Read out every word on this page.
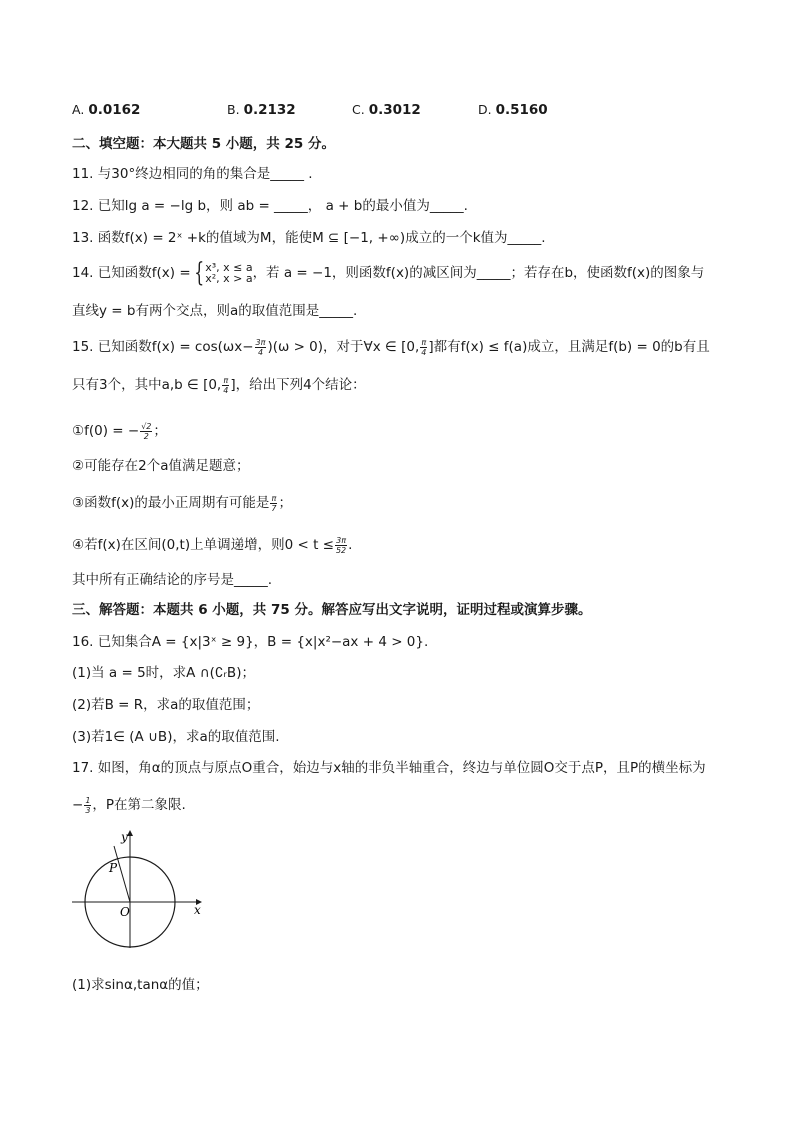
A. 0.0162	B. 0.2132	C. 0.3012	D. 0.5160
二、填空题：本大题共 5 小题，共 25 分。
11. 与30°终边相同的角的集合是_____ .
12. 已知lg a = −lg b，则 ab = _____， a + b的最小值为_____.
13. 函数f(x) = 2ˣ +k的值域为M，能使M ⊆ [−1, +∞)成立的一个k值为_____.
14. 已知函数f(x) = { x³, x ≤ a
x², x > a ，若 a = −1，则函数f(x)的减区间为_____；若存在b，使函数f(x)的图象与
直线y = b有两个交点，则a的取值范围是_____.
15. 已知函数$f(x) = \cos(\omega x- \frac{3\pi}{4} )(\omega > 0)$，对于∀x ∈ [0, $\frac{\pi}{4}$ ]都有f(x) ≤ f(a)成立，且满足f(b) = 0的b有且
只有3个，其中a,b ∈ [0, $\frac{\pi}{4}$ ]，给出下列4个结论：
①f(0) = − $\frac{√2}{2}$ ；
②可能存在2个a值满足题意；
③函数f(x)的最小正周期有可能是 $\frac{\pi}{7}$ ；
④若f(x)在区间(0,t)上单调递增，则$0 < t \le \frac{3\pi}{52}$ .
其中所有正确结论的序号是_____.
三、解答题：本题共 6 小题，共 75 分。解答应写出文字说明，证明过程或演算步骤。
16. 已知集合A = {x|3ˣ ≥ 9}，B = {x|x²−ax + 4 > 0}.
(1)当 a = 5时，求A ∩(∁ᵣB)；
(2)若B = R，求a的取值范围；
(3)若1∈ (A ∪B)，求a的取值范围.
17. 如图，角α的顶点与原点O重合，始边与x轴的非负半轴重合，终边与单位圆O交于点P，且P的横坐标为
− $\frac{1}{3}$ ，P在第二象限.
y
x
O
P
(1)求sinα,tanα的值；
